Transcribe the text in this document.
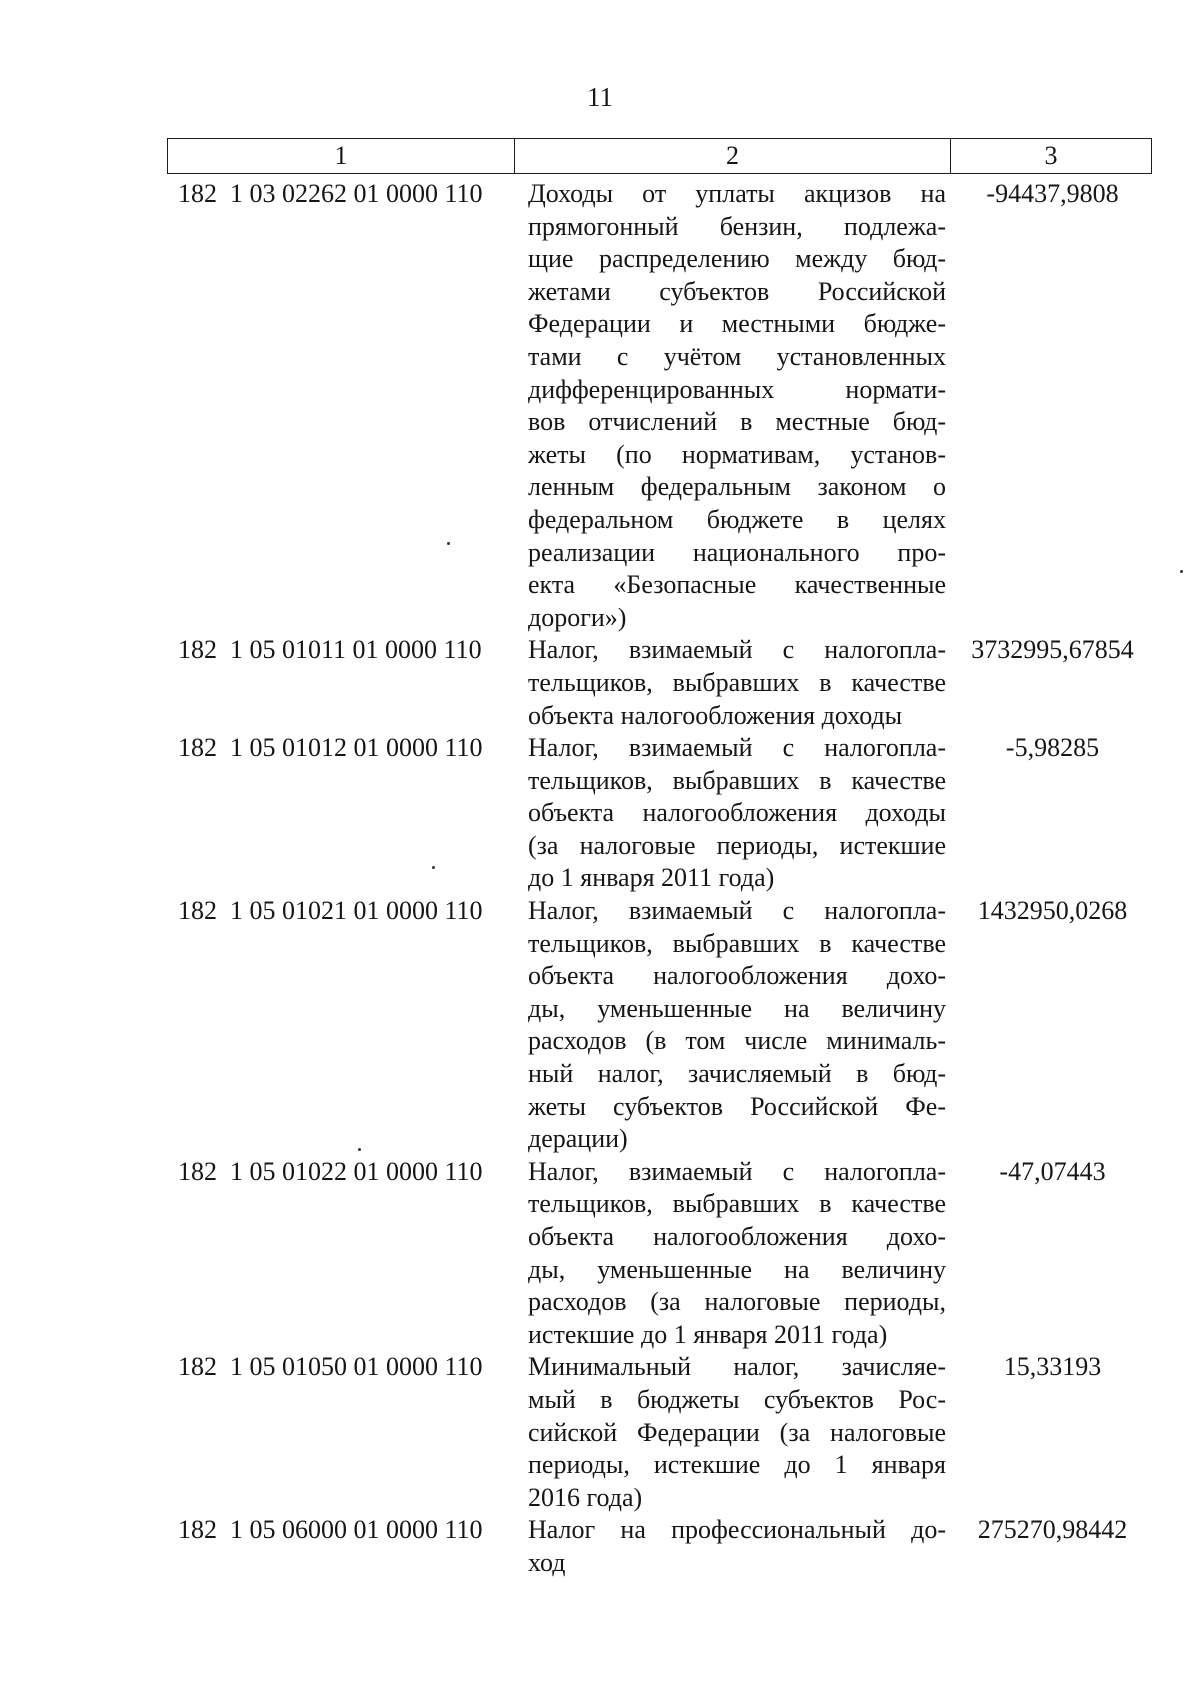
11
1	2	3
182  1 03 02262 01 0000 110	Доходы от уплаты акцизов на
прямогонный бензин, подлежа-
щие распределению между бюд-
жетами субъектов Российской
Федерации и местными бюдже-
тами с учётом установленных
дифференцированных нормати-
вов отчислений в местные бюд-
жеты (по нормативам, установ-
ленным федеральным законом о
федеральном бюджете в целях
реализации национального про-
екта «Безопасные качественные
дороги»)
-94437,9808
182  1 05 01011 01 0000 110	Налог, взимаемый с налогопла-
тельщиков, выбравших в качестве
объекта налогообложения доходы
3732995,67854
182  1 05 01012 01 0000 110	Налог, взимаемый с налогопла-
тельщиков, выбравших в качестве
объекта налогообложения доходы
(за налоговые периоды, истекшие
до 1 января 2011 года)
-5,98285
182  1 05 01021 01 0000 110	Налог, взимаемый с налогопла-
тельщиков, выбравших в качестве
объекта налогообложения дохо-
ды, уменьшенные на величину
расходов (в том числе минималь-
ный налог, зачисляемый в бюд-
жеты субъектов Российской Фе-
дерации)
1432950,0268
182  1 05 01022 01 0000 110	Налог, взимаемый с налогопла-
тельщиков, выбравших в качестве
объекта налогообложения дохо-
ды, уменьшенные на величину
расходов (за налоговые периоды,
истекшие до 1 января 2011 года)
-47,07443
182  1 05 01050 01 0000 110	Минимальный налог, зачисляе-
мый в бюджеты субъектов Рос-
сийской Федерации (за налоговые
периоды, истекшие до 1 января
2016 года)
15,33193
182  1 05 06000 01 0000 110	Налог на профессиональный до-
ход
275270,98442
